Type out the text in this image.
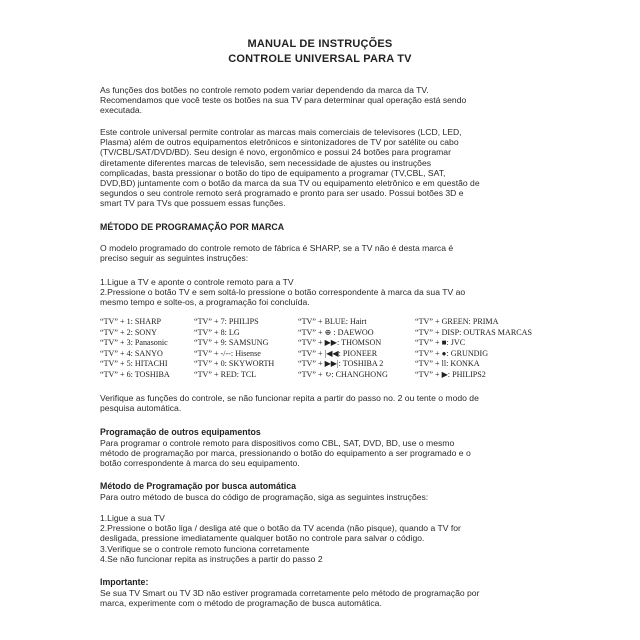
MANUAL DE INSTRUÇÕES
CONTROLE UNIVERSAL PARA TV

As funções dos botões no controle remoto podem variar dependendo da marca da TV.
Recomendamos que você teste os botões na sua TV para determinar qual operação está sendo
executada.

Este controle universal permite controlar as marcas mais comerciais de televisores (LCD, LED,
Plasma) além de outros equipamentos eletrônicos e sintonizadores de TV por satélite ou cabo
(TV/CBL/SAT/DVD/BD). Seu design é novo, ergonômico e possui 24 botões para programar
diretamente diferentes marcas de televisão, sem necessidade de ajustes ou instruções
complicadas, basta pressionar o botão do tipo de equipamento a programar (TV,CBL, SAT,
DVD,BD) juntamente com o botão da marca da sua TV ou equipamento eletrônico e em questão de
segundos o seu controle remoto será programado e pronto para ser usado. Possui botões 3D e
smart TV para TVs que possuem essas funções.

MÉTODO DE PROGRAMAÇÃO POR MARCA

O modelo programado do controle remoto de fábrica é SHARP, se a TV não é desta marca é
preciso seguir as seguintes instruções:

1.Ligue a TV e aponte o controle remoto para a TV
2.Pressione o botão TV e sem soltá-lo pressione o botão correspondente à marca da sua TV ao
mesmo tempo e solte-os, a programação foi concluída.

“TV” + 1: SHARP
“TV” + 2: SONY
“TV” + 3: Panasonic
“TV” + 4: SANYO
“TV” + 5: HITACHI
“TV” + 6: TOSHIBA
“TV” + 7: PHILIPS
“TV” + 8: LG
“TV” + 9: SAMSUNG
“TV” + -/--: Hisense
“TV” + 0: SKYWORTH
“TV” + RED: TCL
“TV” + BLUE: Hairt
“TV” + ⊕ : DAEWOO
“TV” + ▶▶: THOMSON
“TV” + |◀◀: PIONEER
“TV” + ▶▶|: TOSHIBA 2
“TV” + ↻: CHANGHONG
“TV” + GREEN: PRIMA
“TV” + DISP: OUTRAS MARCAS
“TV” + ■: JVC
“TV” + ●: GRUNDIG
“TV” + ll: KONKA
“TV” + ▶: PHILIPS2

Verifique as funções do controle, se não funcionar repita a partir do passo no. 2 ou tente o modo de
pesquisa automática.

Programação de outros equipamentos

Para programar o controle remoto para dispositivos como CBL, SAT, DVD, BD, use o mesmo
método de programação por marca, pressionando o botão do equipamento a ser programado e o
botão correspondente à marca do seu equipamento.

Método de Programação por busca automática

Para outro método de busca do código de programação, siga as seguintes instruções:

1.Ligue a sua TV
2.Pressione o botão liga / desliga até que o botão da TV acenda (não pisque), quando a TV for
desligada, pressione imediatamente qualquer botão no controle para salvar o código.
3.Verifique se o controle remoto funciona corretamente
4.Se não funcionar repita as instruções a partir do passo 2

Importante:

Se sua TV Smart ou TV 3D não estiver programada corretamente pelo método de programação por
marca, experimente com o método de programação de busca automática.
